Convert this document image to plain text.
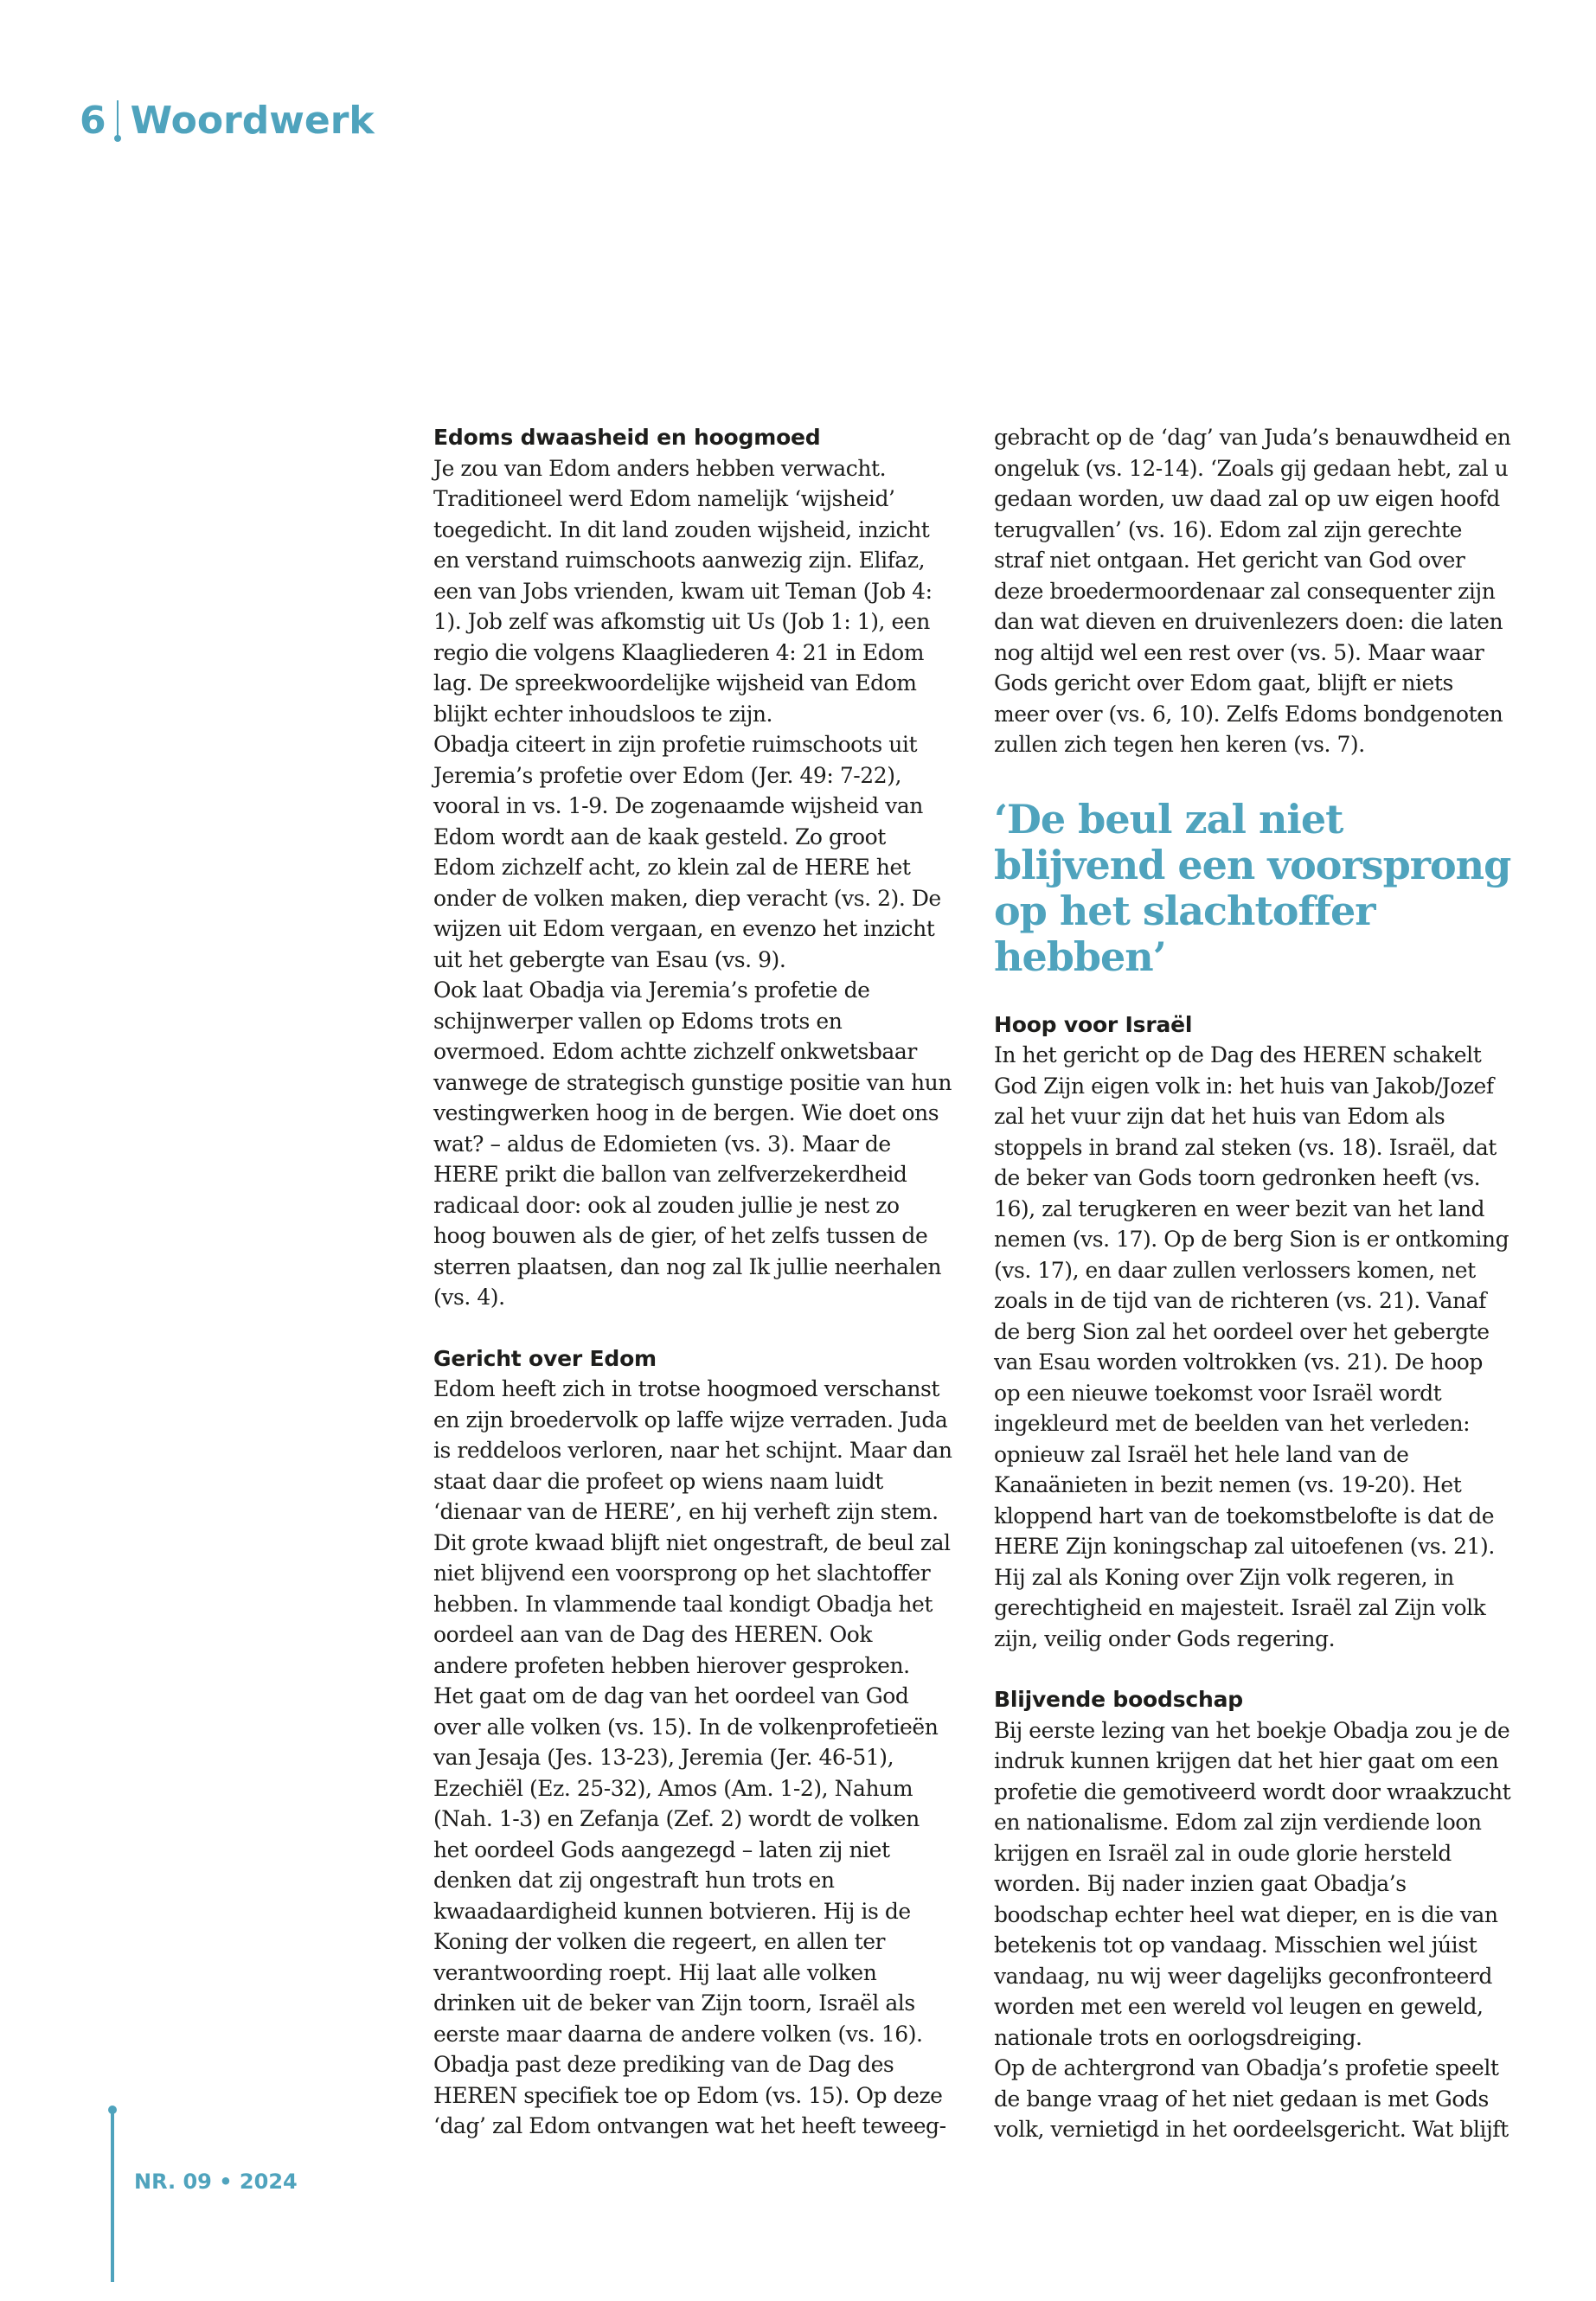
6 Woordwerk
Edoms dwaasheid en hoogmoed

Je zou van Edom anders hebben verwacht. Traditioneel werd Edom namelijk ‘wijsheid’ toegedicht. In dit land zouden wijsheid, inzicht en verstand ruimschoots aanwezig zijn. Elifaz, een van Jobs vrienden, kwam uit Teman (Job 4: 1). Job zelf was afkomstig uit Us (Job 1: 1), een regio die volgens Klaagliederen 4: 21 in Edom lag. De spreekwoordelijke wijsheid van Edom blijkt echter inhoudsloos te zijn.

Obadja citeert in zijn profetie ruimschoots uit Jeremia’s profetie over Edom (Jer. 49: 7-22), vooral in vs. 1-9. De zogenaamde wijsheid van Edom wordt aan de kaak gesteld. Zo groot Edom zichzelf acht, zo klein zal de HERE het onder de volken maken, diep veracht (vs. 2). De wijzen uit Edom vergaan, en evenzo het inzicht uit het gebergte van Esau (vs. 9).

Ook laat Obadja via Jeremia’s profetie de schijnwerper vallen op Edoms trots en overmoed. Edom achtte zichzelf onkwetsbaar vanwege de strategisch gunstige positie van hun vestingwerken hoog in de bergen. Wie doet ons wat? – aldus de Edomieten (vs. 3). Maar de HERE prikt die ballon van zelfverzekerdheid radicaal door: ook al zouden jullie je nest zo hoog bouwen als de gier, of het zelfs tussen de sterren plaatsen, dan nog zal Ik jullie neerhalen (vs. 4).

Gericht over Edom

Edom heeft zich in trotse hoogmoed verschanst en zijn broedervolk op laffe wijze verraden. Juda is reddeloos verloren, naar het schijnt. Maar dan staat daar die profeet op wiens naam luidt ‘dienaar van de HERE’, en hij verheft zijn stem. Dit grote kwaad blijft niet ongestraft, de beul zal niet blijvend een voorsprong op het slachtoffer hebben. In vlammende taal kondigt Obadja het oordeel aan van de Dag des HEREN. Ook andere profeten hebben hierover gesproken. Het gaat om de dag van het oordeel van God over alle volken (vs. 15). In de volkenprofetieën van Jesaja (Jes. 13-23), Jeremia (Jer. 46-51), Ezechiël (Ez. 25-32), Amos (Am. 1-2), Nahum (Nah. 1-3) en Zefanja (Zef. 2) wordt de volken het oordeel Gods aangezegd – laten zij niet denken dat zij ongestraft hun trots en kwaadaardigheid kunnen botvieren. Hij is de Koning der volken die regeert, en allen ter verantwoording roept. Hij laat alle volken drinken uit de beker van Zijn toorn, Israël als eerste maar daarna de andere volken (vs. 16).

Obadja past deze prediking van de Dag des HEREN specifiek toe op Edom (vs. 15). Op deze ‘dag’ zal Edom ontvangen wat het heeft teweeg-

gebracht op de ‘dag’ van Juda’s benauwdheid en ongeluk (vs. 12-14). ‘Zoals gij gedaan hebt, zal u gedaan worden, uw daad zal op uw eigen hoofd terugvallen’ (vs. 16). Edom zal zijn gerechte straf niet ontgaan. Het gericht van God over deze broedermoordenaar zal consequenter zijn dan wat dieven en druivenlezers doen: die laten nog altijd wel een rest over (vs. 5). Maar waar Gods gericht over Edom gaat, blijft er niets meer over (vs. 6, 10). Zelfs Edoms bondgenoten zullen zich tegen hen keren (vs. 7).

‘De beul zal niet blijvend een voorsprong op het slachtoffer hebben’
Hoop voor Israël

In het gericht op de Dag des HEREN schakelt God Zijn eigen volk in: het huis van Jakob/Jozef zal het vuur zijn dat het huis van Edom als stoppels in brand zal steken (vs. 18). Israël, dat de beker van Gods toorn gedronken heeft (vs. 16), zal terugkeren en weer bezit van het land nemen (vs. 17). Op de berg Sion is er ontkoming (vs. 17), en daar zullen verlossers komen, net zoals in de tijd van de richteren (vs. 21). Vanaf de berg Sion zal het oordeel over het gebergte van Esau worden voltrokken (vs. 21). De hoop op een nieuwe toekomst voor Israël wordt ingekleurd met de beelden van het verleden: opnieuw zal Israël het hele land van de Kanaänieten in bezit nemen (vs. 19-20). Het kloppend hart van de toekomstbelofte is dat de HERE Zijn koningschap zal uitoefenen (vs. 21). Hij zal als Koning over Zijn volk regeren, in gerechtigheid en majesteit. Israël zal Zijn volk zijn, veilig onder Gods regering.

Blijvende boodschap

Bij eerste lezing van het boekje Obadja zou je de indruk kunnen krijgen dat het hier gaat om een profetie die gemotiveerd wordt door wraakzucht en nationalisme. Edom zal zijn verdiende loon krijgen en Israël zal in oude glorie hersteld worden. Bij nader inzien gaat Obadja’s boodschap echter heel wat dieper, en is die van betekenis tot op vandaag. Misschien wel júist vandaag, nu wij weer dagelijks geconfronteerd worden met een wereld vol leugen en geweld, nationale trots en oorlogsdreiging.

Op de achtergrond van Obadja’s profetie speelt de bange vraag of het niet gedaan is met Gods volk, vernietigd in het oordeelsgericht. Wat blijft

NR. 09 • 2024
